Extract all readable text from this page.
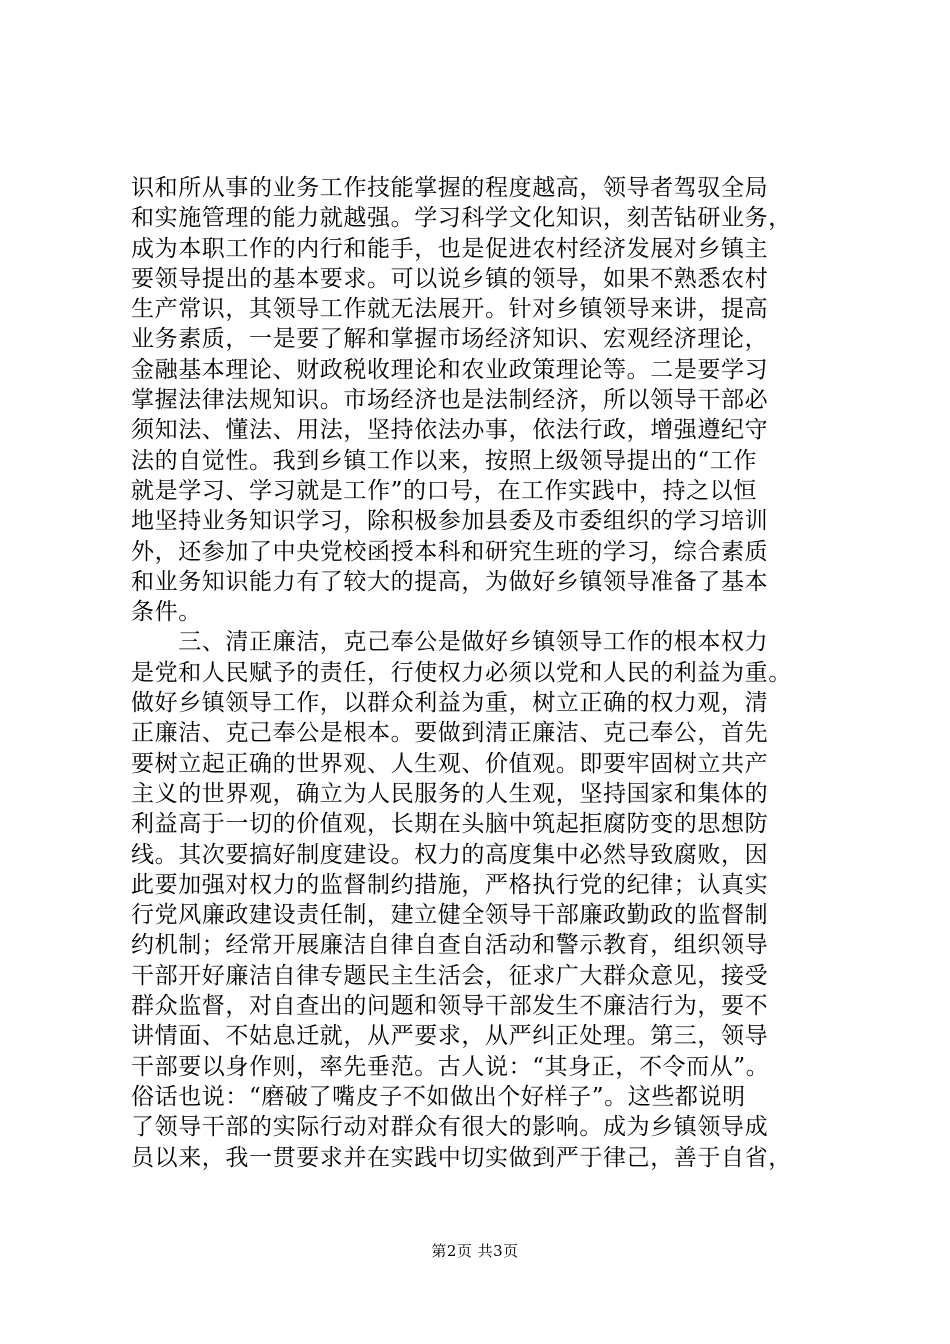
识和所从事的业务工作技能掌握的程度越高，领导者驾驭全局
和实施管理的能力就越强。学习科学文化知识，刻苦钻研业务，
成为本职工作的内行和能手，也是促进农村经济发展对乡镇主
要领导提出的基本要求。可以说乡镇的领导，如果不熟悉农村
生产常识，其领导工作就无法展开。针对乡镇领导来讲，提高
业务素质，一是要了解和掌握市场经济知识、宏观经济理论，
金融基本理论、财政税收理论和农业政策理论等。二是要学习
掌握法律法规知识。市场经济也是法制经济，所以领导干部必
须知法、懂法、用法，坚持依法办事，依法行政，增强遵纪守
法的自觉性。我到乡镇工作以来，按照上级领导提出的“工作
就是学习、学习就是工作”的口号，在工作实践中，持之以恒
地坚持业务知识学习，除积极参加县委及市委组织的学习培训
外，还参加了中央党校函授本科和研究生班的学习，综合素质
和业务知识能力有了较大的提高，为做好乡镇领导准备了基本
条件。
　　三、清正廉洁，克己奉公是做好乡镇领导工作的根本权力
是党和人民赋予的责任，行使权力必须以党和人民的利益为重。
做好乡镇领导工作，以群众利益为重，树立正确的权力观，清
正廉洁、克己奉公是根本。要做到清正廉洁、克己奉公，首先
要树立起正确的世界观、人生观、价值观。即要牢固树立共产
主义的世界观，确立为人民服务的人生观，坚持国家和集体的
利益高于一切的价值观，长期在头脑中筑起拒腐防变的思想防
线。其次要搞好制度建设。权力的高度集中必然导致腐败，因
此要加强对权力的监督制约措施，严格执行党的纪律；认真实
行党风廉政建设责任制，建立健全领导干部廉政勤政的监督制
约机制；经常开展廉洁自律自查自活动和警示教育，组织领导
干部开好廉洁自律专题民主生活会，征求广大群众意见，接受
群众监督，对自查出的问题和领导干部发生不廉洁行为，要不
讲情面、不姑息迁就，从严要求，从严纠正处理。第三，领导
干部要以身作则，率先垂范。古人说：“其身正，不令而从”。
俗话也说：“磨破了嘴皮子不如做出个好样子”。这些都说明
了领导干部的实际行动对群众有很大的影响。成为乡镇领导成
员以来，我一贯要求并在实践中切实做到严于律己，善于自省，
第2页 共3页
